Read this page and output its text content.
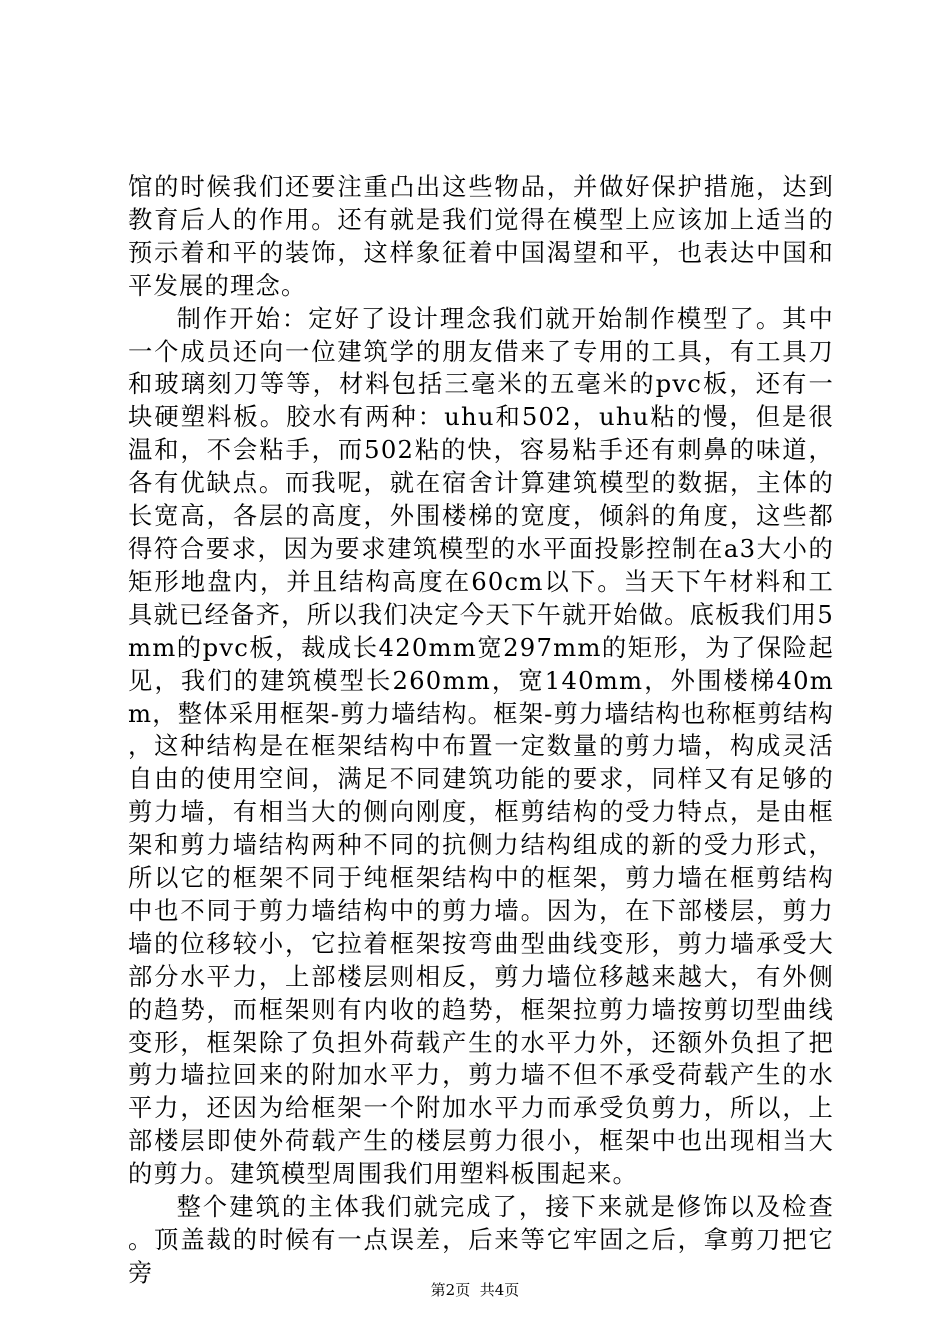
馆的时候我们还要注重凸出这些物品，并做好保护措施，达到教育后人的作用。还有就是我们觉得在模型上应该加上适当的预示着和平的装饰，这样象征着中国渴望和平，也表达中国和平发展的理念。

制作开始：定好了设计理念我们就开始制作模型了。其中一个成员还向一位建筑学的朋友借来了专用的工具，有工具刀和玻璃刻刀等等，材料包括三毫米的五毫米的pvc板，还有一块硬塑料板。胶水有两种：uhu和502，uhu粘的慢，但是很温和，不会粘手，而502粘的快，容易粘手还有刺鼻的味道，各有优缺点。而我呢，就在宿舍计算建筑模型的数据，主体的长宽高，各层的高度，外围楼梯的宽度，倾斜的角度，这些都得符合要求，因为要求建筑模型的水平面投影控制在a3大小的矩形地盘内，并且结构高度在60cm以下。当天下午材料和工具就已经备齐，所以我们决定今天下午就开始做。底板我们用5mm的pvc板，裁成长420mm宽297mm的矩形，为了保险起见，我们的建筑模型长260mm，宽140mm，外围楼梯40mm，整体采用框架-剪力墙结构。框架-剪力墙结构也称框剪结构，这种结构是在框架结构中布置一定数量的剪力墙，构成灵活自由的使用空间，满足不同建筑功能的要求，同样又有足够的剪力墙，有相当大的侧向刚度，框剪结构的受力特点，是由框架和剪力墙结构两种不同的抗侧力结构组成的新的受力形式，所以它的框架不同于纯框架结构中的框架，剪力墙在框剪结构中也不同于剪力墙结构中的剪力墙。因为，在下部楼层，剪力墙的位移较小，它拉着框架按弯曲型曲线变形，剪力墙承受大部分水平力，上部楼层则相反，剪力墙位移越来越大，有外侧的趋势，而框架则有内收的趋势，框架拉剪力墙按剪切型曲线变形，框架除了负担外荷载产生的水平力外，还额外负担了把剪力墙拉回来的附加水平力，剪力墙不但不承受荷载产生的水平力，还因为给框架一个附加水平力而承受负剪力，所以，上部楼层即使外荷载产生的楼层剪力很小，框架中也出现相当大的剪力。建筑模型周围我们用塑料板围起来。

整个建筑的主体我们就完成了，接下来就是修饰以及检查。顶盖裁的时候有一点误差，后来等它牢固之后，拿剪刀把它旁

第2页 共4页
